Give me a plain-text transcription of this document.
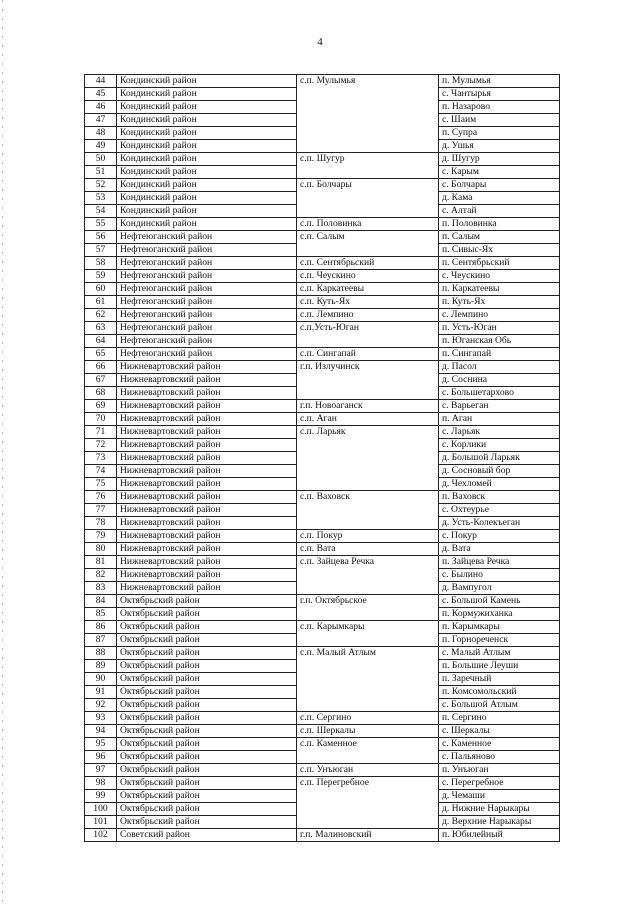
4
44	Кондинский район	с.п. Мулымья	п. Мулымья
45	Кондинский район		с. Чантырья
46	Кондинский район		п. Назарово
47	Кондинский район		с. Шаим
48	Кондинский район		п. Супра
49	Кондинский район		д. Ушья
50	Кондинский район	с.п. Шугур	д. Шугур
51	Кондинский район		с. Карым
52	Кондинский район	с.п. Болчары	с. Болчары
53	Кондинский район		д. Кама
54	Кондинский район		с. Алтай
55	Кондинский район	с.п. Половинка	п. Половинка
56	Нефтеюганский район	с.п. Салым	п. Салым
57	Нефтеюганский район		п. Сивыс-Ях
58	Нефтеюганский район	с.п. Сентябрьский	п. Сентябрьский
59	Нефтеюганский район	с.п. Чеускино	с. Чеускино
60	Нефтеюганский район	с.п. Каркатеевы	п. Каркатеевы
61	Нефтеюганский район	с.п. Куть-Ях	п. Куть-Ях
62	Нефтеюганский район	с.п. Лемпино	с. Лемпино
63	Нефтеюганский район	с.п.Усть-Юган	п. Усть-Юган
64	Нефтеюганский район		п. Юганская Обь
65	Нефтеюганский район	с.п. Сингапай	п. Сингапай
66	Нижневартовский район	г.п. Излучинск	д. Пасол
67	Нижневартовский район		д. Соснина
68	Нижневартовский район		с. Большетархово
69	Нижневартовский район	г.п. Новоаганск	с. Варьеган
70	Нижневартовский район	с.п. Аган	п. Аган
71	Нижневартовский район	с.п. Ларьяк	с. Ларьяк
72	Нижневартовский район		с. Корлики
73	Нижневартовский район		д. Большой Ларьяк
74	Нижневартовский район		д. Сосновый бор
75	Нижневартовский район		д. Чехломей
76	Нижневартовский район	с.п. Ваховск	п. Ваховск
77	Нижневартовский район		с. Охтеурье
78	Нижневартовский район		д. Усть-Колекъеган
79	Нижневартовский район	с.п. Покур	с. Покур
80	Нижневартовский район	с.п. Вата	д. Вата
81	Нижневартовский район	с.п. Зайцева Речка	п. Зайцева Речка
82	Нижневартовский район		с. Былино
83	Нижневартовский район		д. Вампугол
84	Октябрьский район	г.п. Октябрьское	с. Большой Камень
85	Октябрьский район		п. Кормужиханка
86	Октябрьский район	с.п. Карымкары	п. Карымкары
87	Октябрьский район		п. Горнореченск
88	Октябрьский район	с.п. Малый Атлым	с. Малый Атлым
89	Октябрьский район		п. Большие Леуши
90	Октябрьский район		п. Заречный
91	Октябрьский район		п. Комсомольский
92	Октябрьский район		с. Большой Атлым
93	Октябрьский район	с.п. Сергино	п. Сергино
94	Октябрьский район	с.п. Шеркалы	с. Шеркалы
95	Октябрьский район	с.п. Каменное	с. Каменное
96	Октябрьский район		с. Пальяново
97	Октябрьский район	с.п. Унъюган	п. Унъюган
98	Октябрьский район	с.п. Перегребное	с. Перегребное
99	Октябрьский район		д. Чемаши
100	Октябрьский район		д. Нижние Нарыкары
101	Октябрьский район		д. Верхние Нарыкары
102	Советский район	г.п. Малиновский	п. Юбилейный
